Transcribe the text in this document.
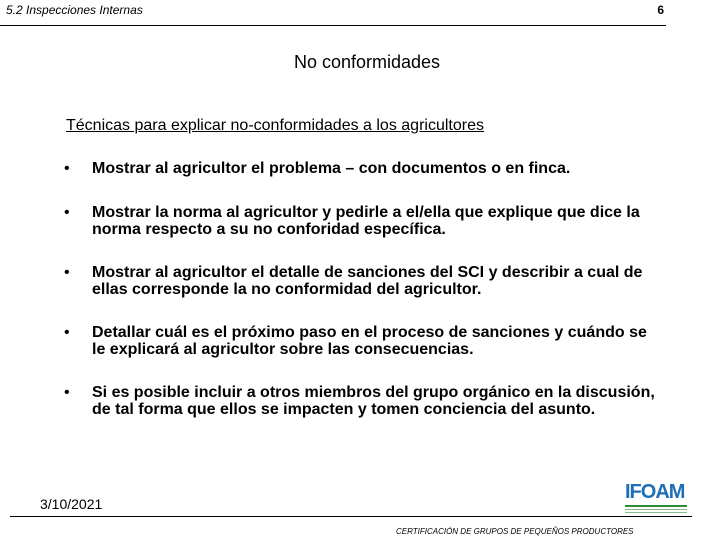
5.2 Inspecciones Internas	6
No conformidades
Técnicas para explicar no-conformidades a los agricultores
• Mostrar al agricultor el problema – con documentos o en finca.
• Mostrar la norma al agricultor y pedirle a el/ella que explique que dice la norma respecto a su no conforidad específica.
• Mostrar al agricultor el detalle de sanciones del SCI y describir a cual de ellas corresponde la no conformidad del agricultor.
• Detallar cuál es el próximo paso en el proceso de sanciones y cuándo se le explicará al agricultor sobre las consecuencias.
• Si es posible incluir a otros miembros del grupo orgánico en la discusión, de tal forma que ellos se impacten y tomen conciencia del asunto.
3/10/2021
IFOAM
CERTIFICACIÓN DE GRUPOS DE PEQUEÑOS PRODUCTORES
